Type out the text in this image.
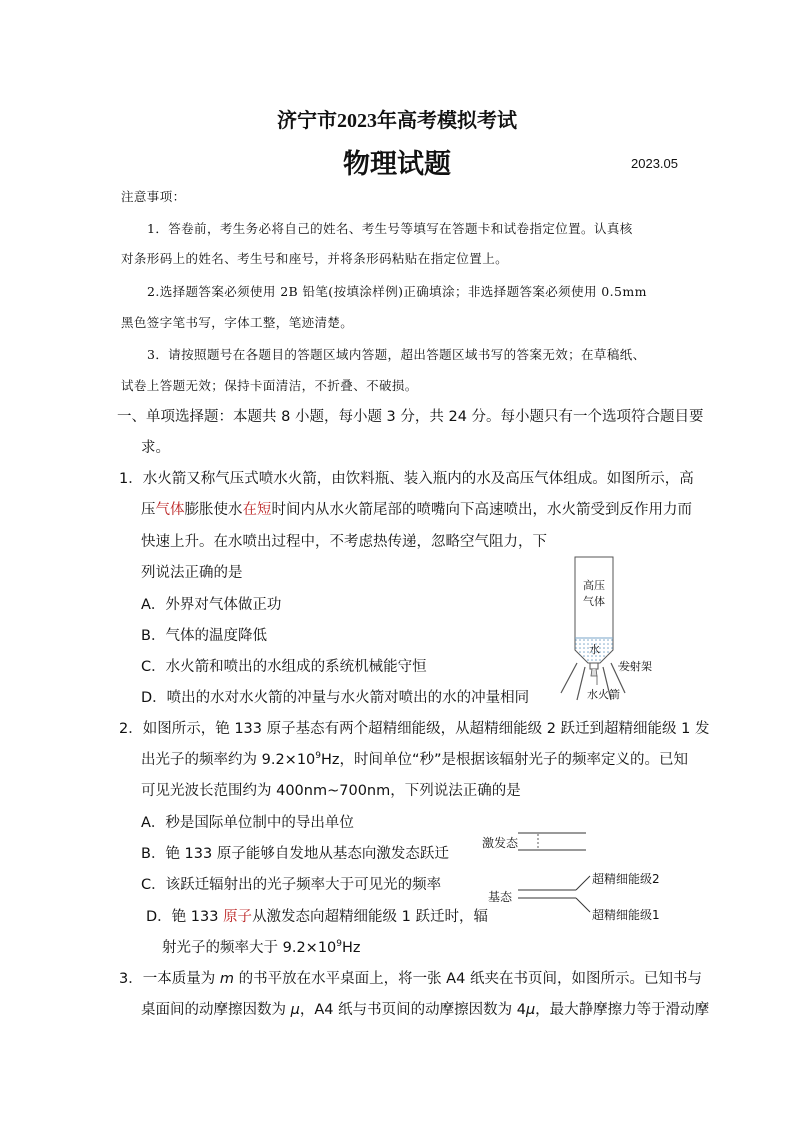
济宁市2023年高考模拟考试
物理试题	2023.05
注意事项：
1．答卷前，考生务必将自己的姓名、考生号等填写在答题卡和试卷指定位置。认真核
对条形码上的姓名、考生号和座号，并将条形码粘贴在指定位置上。
2.选择题答案必须使用 2B 铅笔(按填涂样例)正确填涂；非选择题答案必须使用 0.5mm
黑色签字笔书写，字体工整，笔迹清楚。
3．请按照题号在各题目的答题区域内答题，超出答题区域书写的答案无效；在草稿纸、
试卷上答题无效；保持卡面清洁，不折叠、不破损。
一、单项选择题：本题共 8 小题，每小题 3 分，共 24 分。每小题只有一个选项符合题目要
求。
1．水火箭又称气压式喷水火箭，由饮料瓶、装入瓶内的水及高压气体组成。如图所示，高
压气体膨胀使水在短时间内从水火箭尾部的喷嘴向下高速喷出，水火箭受到反作用力而
快速上升。在水喷出过程中，不考虑热传递，忽略空气阻力，下
列说法正确的是
A．外界对气体做正功
B．气体的温度降低
C．水火箭和喷出的水组成的系统机械能守恒
D．喷出的水对水火箭的冲量与水火箭对喷出的水的冲量相同
高压
气体
水
发射架
水火箭
2．如图所示，铯 133 原子基态有两个超精细能级，从超精细能级 2 跃迁到超精细能级 1 发
出光子的频率约为 $9.2\times 10^9Hz$，时间单位“秒”是根据该辐射光子的频率定义的。已知
可见光波长范围约为 400nm~700nm，下列说法正确的是
A．秒是国际单位制中的导出单位
B．铯 133 原子能够自发地从基态向激发态跃迁
C．该跃迁辐射出的光子频率大于可见光的频率
D．铯 133 原子从激发态向超精细能级 1 跃迁时，辐
射光子的频率大于 $9.2\times 10^9Hz$
激发态
基态
超精细能级2
超精细能级1
3．一本质量为 m 的书平放在水平桌面上，将一张 A4 纸夹在书页间，如图所示。已知书与
桌面间的动摩擦因数为 μ，A4 纸与书页间的动摩擦因数为 4μ，最大静摩擦力等于滑动摩
